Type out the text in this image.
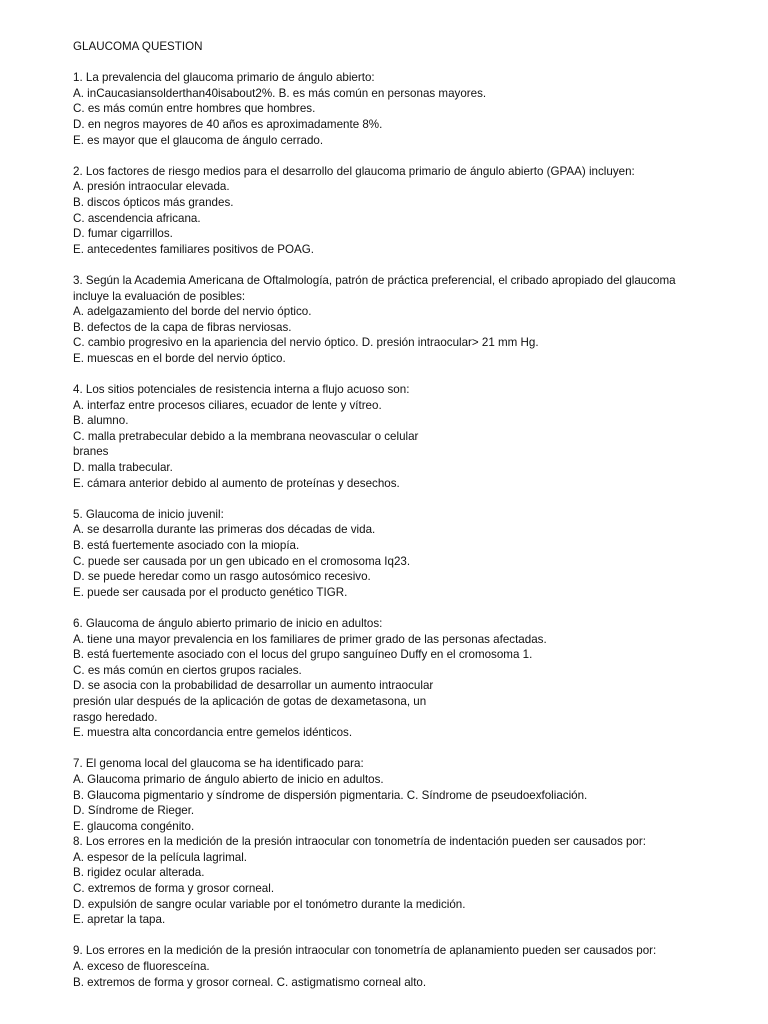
GLAUCOMA QUESTION
1. La prevalencia del glaucoma primario de ángulo abierto:
A. inCaucasiansolderthan40isabout2%. B. es más común en personas mayores.
C. es más común entre hombres que hombres.
D. en negros mayores de 40 años es aproximadamente 8%.
E. es mayor que el glaucoma de ángulo cerrado.
2. Los factores de riesgo medios para el desarrollo del glaucoma primario de ángulo abierto (GPAA) incluyen:
A. presión intraocular elevada.
B. discos ópticos más grandes.
C. ascendencia africana.
D. fumar cigarrillos.
E. antecedentes familiares positivos de POAG.
3. Según la Academia Americana de Oftalmología, patrón de práctica preferencial, el cribado apropiado del glaucoma
incluye la evaluación de posibles:
A. adelgazamiento del borde del nervio óptico.
B. defectos de la capa de fibras nerviosas.
C. cambio progresivo en la apariencia del nervio óptico. D. presión intraocular> 21 mm Hg.
E. muescas en el borde del nervio óptico.
4. Los sitios potenciales de resistencia interna a flujo acuoso son:
A. interfaz entre procesos ciliares, ecuador de lente y vítreo.
B. alumno.
C. malla pretrabecular debido a la membrana neovascular o celular
branes
D. malla trabecular.
E. cámara anterior debido al aumento de proteínas y desechos.
5. Glaucoma de inicio juvenil:
A. se desarrolla durante las primeras dos décadas de vida.
B. está fuertemente asociado con la miopía.
C. puede ser causada por un gen ubicado en el cromosoma Iq23.
D. se puede heredar como un rasgo autosómico recesivo.
E. puede ser causada por el producto genético TIGR.
6. Glaucoma de ángulo abierto primario de inicio en adultos:
A. tiene una mayor prevalencia en los familiares de primer grado de las personas afectadas.
B. está fuertemente asociado con el locus del grupo sanguíneo Duffy en el cromosoma 1.
C. es más común en ciertos grupos raciales.
D. se asocia con la probabilidad de desarrollar un aumento intraocular
presión ular después de la aplicación de gotas de dexametasona, un
rasgo heredado.
E. muestra alta concordancia entre gemelos idénticos.
7. El genoma local del glaucoma se ha identificado para:
A. Glaucoma primario de ángulo abierto de inicio en adultos.
B. Glaucoma pigmentario y síndrome de dispersión pigmentaria. C. Síndrome de pseudoexfoliación.
D. Síndrome de Rieger.
E. glaucoma congénito.
8. Los errores en la medición de la presión intraocular con tonometría de indentación pueden ser causados por:
A. espesor de la película lagrimal.
B. rigidez ocular alterada.
C. extremos de forma y grosor corneal.
D. expulsión de sangre ocular variable por el tonómetro durante la medición.
E. apretar la tapa.
9. Los errores en la medición de la presión intraocular con tonometría de aplanamiento pueden ser causados por:
A. exceso de fluoresceína.
B. extremos de forma y grosor corneal. C. astigmatismo corneal alto.
